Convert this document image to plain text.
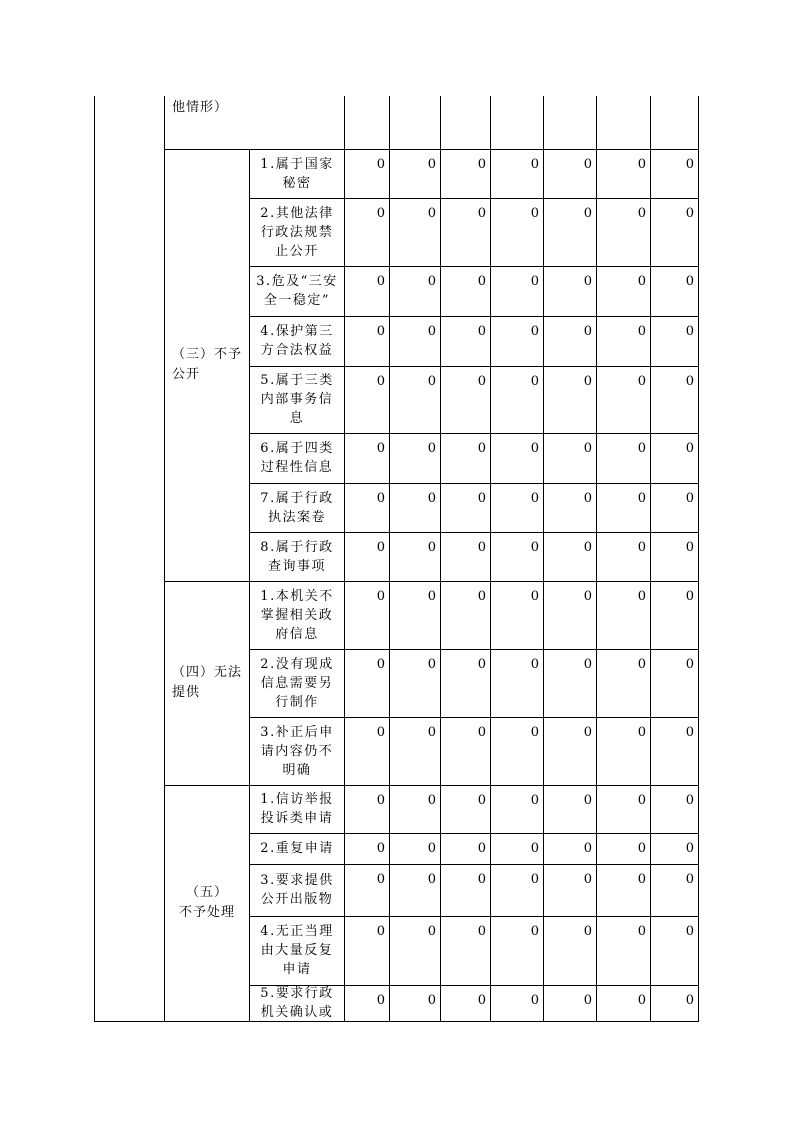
他情形）
（三）不予
公开
1.属于国家
秘密
0	0	0	0	0	0	0
2.其他法律
行政法规禁
止公开
0	0	0	0	0	0	0
3.危及“三安
全一稳定”
0	0	0	0	0	0	0
4.保护第三
方合法权益
0	0	0	0	0	0	0
5.属于三类
内部事务信
息
0	0	0	0	0	0	0
6.属于四类
过程性信息
0	0	0	0	0	0	0
7.属于行政
执法案卷
0	0	0	0	0	0	0
8.属于行政
查询事项
0	0	0	0	0	0	0
（四）无法
提供
1.本机关不
掌握相关政
府信息
0	0	0	0	0	0	0
2.没有现成
信息需要另
行制作
0	0	0	0	0	0	0
3.补正后申
请内容仍不
明确
0	0	0	0	0	0	0
（五）
不予处理
1.信访举报
投诉类申请
0	0	0	0	0	0	0
2.重复申请	0	0	0	0	0	0	0
3.要求提供
公开出版物
0	0	0	0	0	0	0
4.无正当理
由大量反复
申请
0	0	0	0	0	0	0
5.要求行政
机关确认或
0	0	0	0	0	0	0
